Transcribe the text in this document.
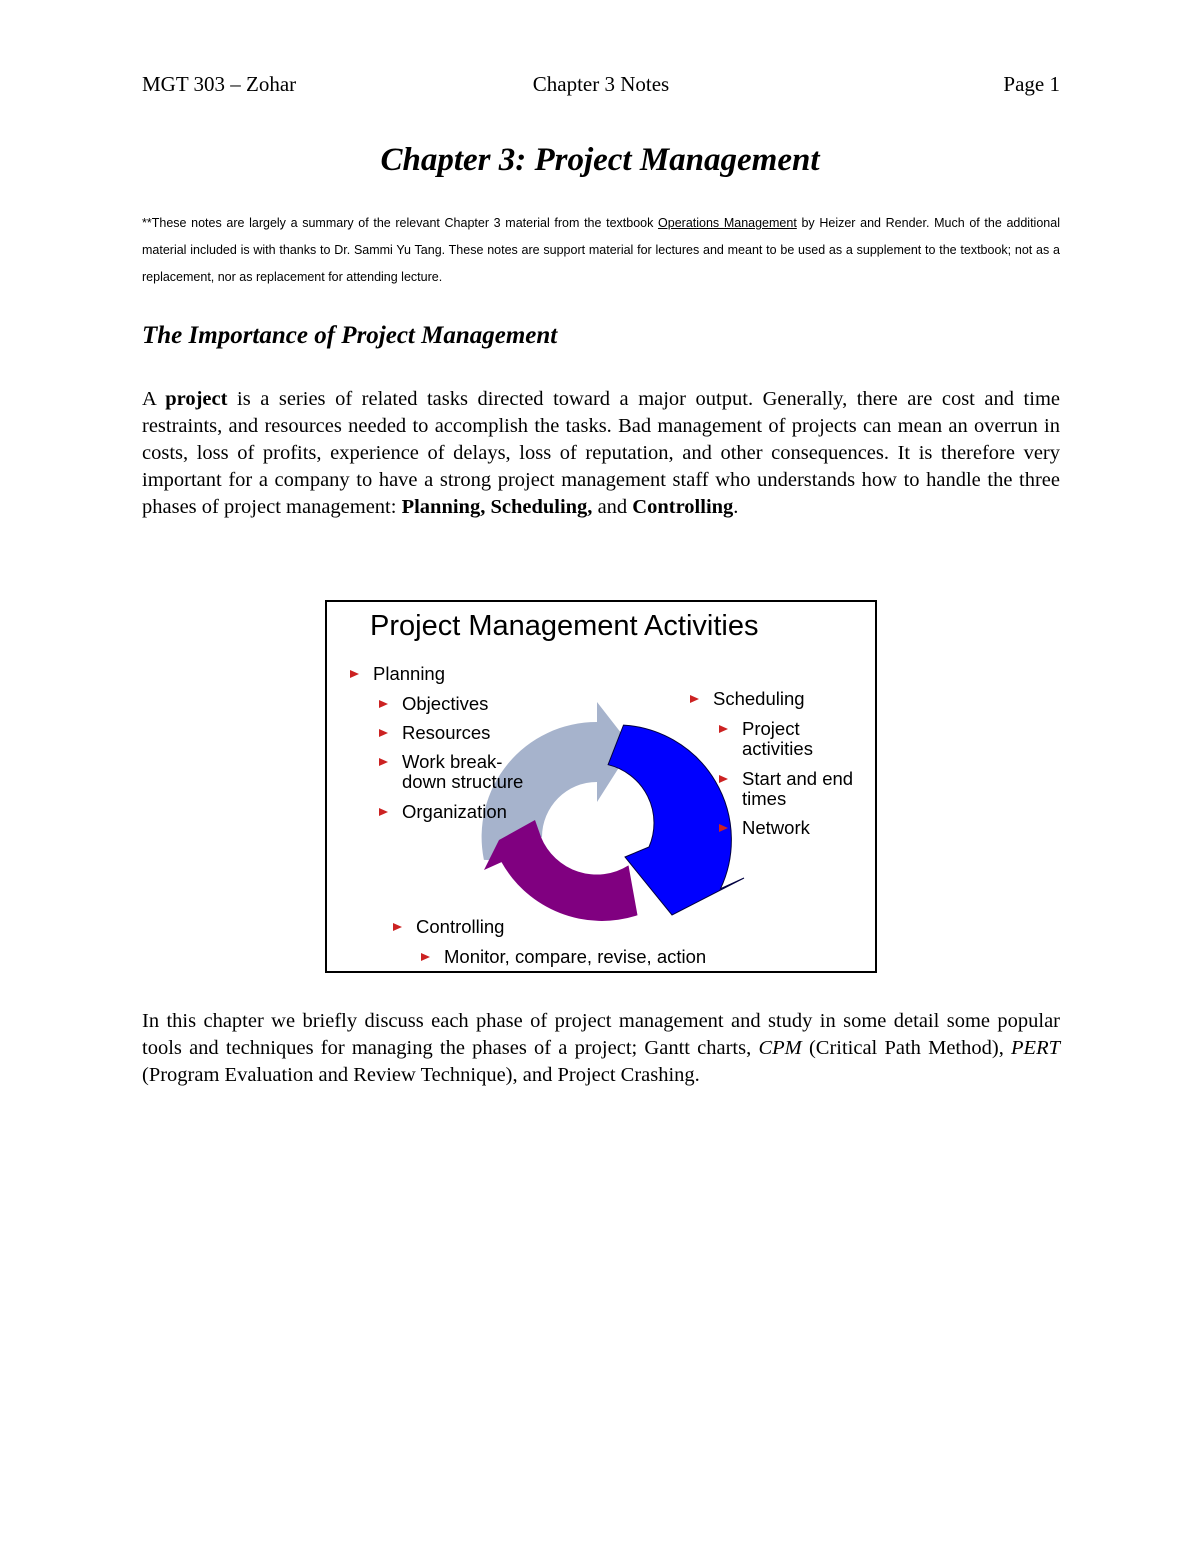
MGT 303 – Zohar	Chapter 3 Notes	Page 1
Chapter 3: Project Management
**These notes are largely a summary of the relevant Chapter 3 material from the textbook Operations Management by Heizer and Render. Much of the additional material included is with thanks to Dr. Sammi Yu Tang. These notes are support material for lectures and meant to be used as a supplement to the textbook; not as a replacement, nor as replacement for attending lecture.
The Importance of Project Management
A project is a series of related tasks directed toward a major output. Generally, there are cost and time restraints, and resources needed to accomplish the tasks. Bad management of projects can mean an overrun in costs, loss of profits, experience of delays, loss of reputation, and other consequences. It is therefore very important for a company to have a strong project management staff who understands how to handle the three phases of project management: Planning, Scheduling, and Controlling.
Project Management Activities
Planning
Objectives
Resources
Work break-
down structure
Organization
Scheduling
Project
activities
Start and end
times
Network
Controlling
Monitor, compare, revise, action
In this chapter we briefly discuss each phase of project management and study in some detail some popular tools and techniques for managing the phases of a project; Gantt charts, CPM (Critical Path Method), PERT (Program Evaluation and Review Technique), and Project Crashing.
